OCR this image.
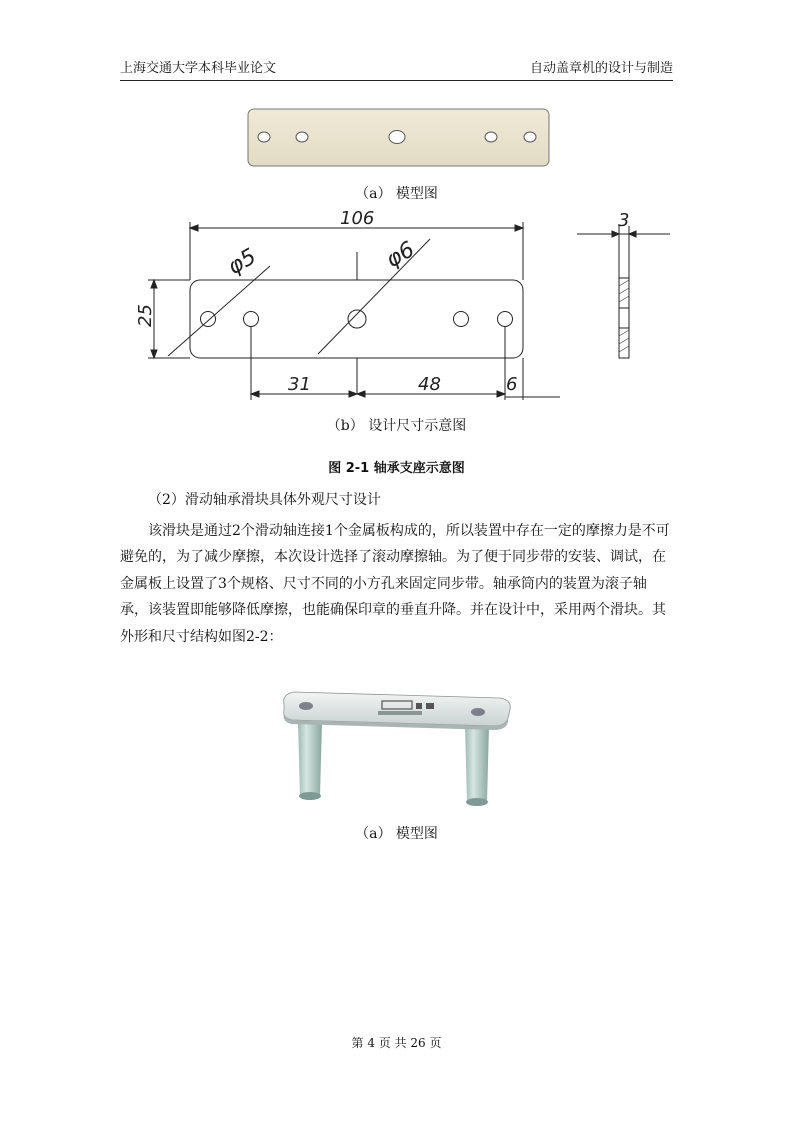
上海交通大学本科毕业论文	自动盖章机的设计与制造
（a） 模型图
106	3
25
φ5	φ6
31	48	6
（b） 设计尺寸示意图
图 2-1 轴承支座示意图

（2）滑动轴承滑块具体外观尺寸设计

该滑块是通过2个滑动轴连接1个金属板构成的，所以装置中存在一定的摩擦力是不可避免的，为了减少摩擦，本次设计选择了滚动摩擦轴。为了便于同步带的安装、调试，在金属板上设置了3个规格、尺寸不同的小方孔来固定同步带。轴承筒内的装置为滚子轴承，该装置即能够降低摩擦，也能确保印章的垂直升降。并在设计中，采用两个滑块。其外形和尺寸结构如图2-2：

（a） 模型图
第 4 页 共 26 页
